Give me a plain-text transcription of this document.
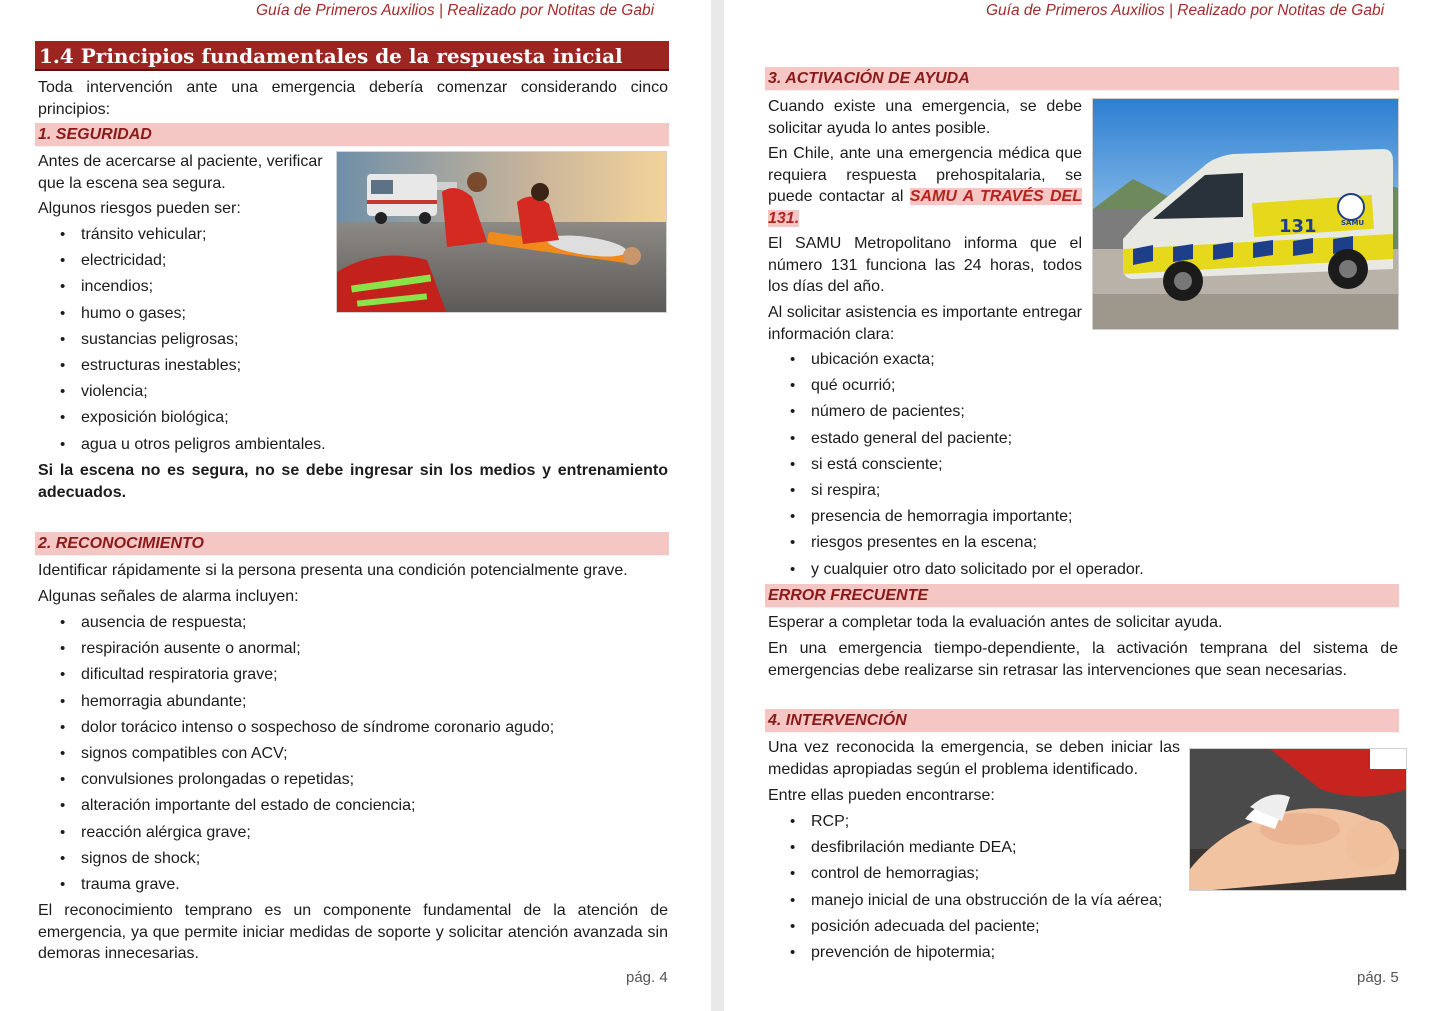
Guía de Primeros Auxilios | Realizado por Notitas de Gabi
1.4 Principios fundamentales de la respuesta inicial
Toda intervención ante una emergencia debería comenzar considerando cinco principios:
1. SEGURIDAD
Antes de acercarse al paciente, verificar que la escena sea segura.
Algunos riesgos pueden ser:
• tránsito vehicular;
• electricidad;
• incendios;
• humo o gases;
• sustancias peligrosas;
• estructuras inestables;
• violencia;
• exposición biológica;
• agua u otros peligros ambientales.
Si la escena no es segura, no se debe ingresar sin los medios y entrenamiento adecuados.
2. RECONOCIMIENTO
Identificar rápidamente si la persona presenta una condición potencialmente grave.
Algunas señales de alarma incluyen:
• ausencia de respuesta;
• respiración ausente o anormal;
• dificultad respiratoria grave;
• hemorragia abundante;
• dolor torácico intenso o sospechoso de síndrome coronario agudo;
• signos compatibles con ACV;
• convulsiones prolongadas o repetidas;
• alteración importante del estado de conciencia;
• reacción alérgica grave;
• signos de shock;
• trauma grave.
El reconocimiento temprano es un componente fundamental de la atención de emergencia, ya que permite iniciar medidas de soporte y solicitar atención avanzada sin demoras innecesarias.
pág. 4
Guía de Primeros Auxilios | Realizado por Notitas de Gabi
3. ACTIVACIÓN DE AYUDA
Cuando existe una emergencia, se debe solicitar ayuda lo antes posible.
En Chile, ante una emergencia médica que requiera respuesta prehospitalaria, se puede contactar al SAMU A TRAVÉS DEL 131.
El SAMU Metropolitano informa que el número 131 funciona las 24 horas, todos los días del año.
Al solicitar asistencia es importante entregar información clara:
131	SAMU
• ubicación exacta;
• qué ocurrió;
• número de pacientes;
• estado general del paciente;
• si está consciente;
• si respira;
• presencia de hemorragia importante;
• riesgos presentes en la escena;
• y cualquier otro dato solicitado por el operador.
ERROR FRECUENTE
Esperar a completar toda la evaluación antes de solicitar ayuda.
En una emergencia tiempo-dependiente, la activación temprana del sistema de emergencias debe realizarse sin retrasar las intervenciones que sean necesarias.
4. INTERVENCIÓN
Una vez reconocida la emergencia, se deben iniciar las medidas apropiadas según el problema identificado.
Entre ellas pueden encontrarse:
• RCP;
• desfibrilación mediante DEA;
• control de hemorragias;
• manejo inicial de una obstrucción de la vía aérea;
• posición adecuada del paciente;
• prevención de hipotermia;
pág. 5
